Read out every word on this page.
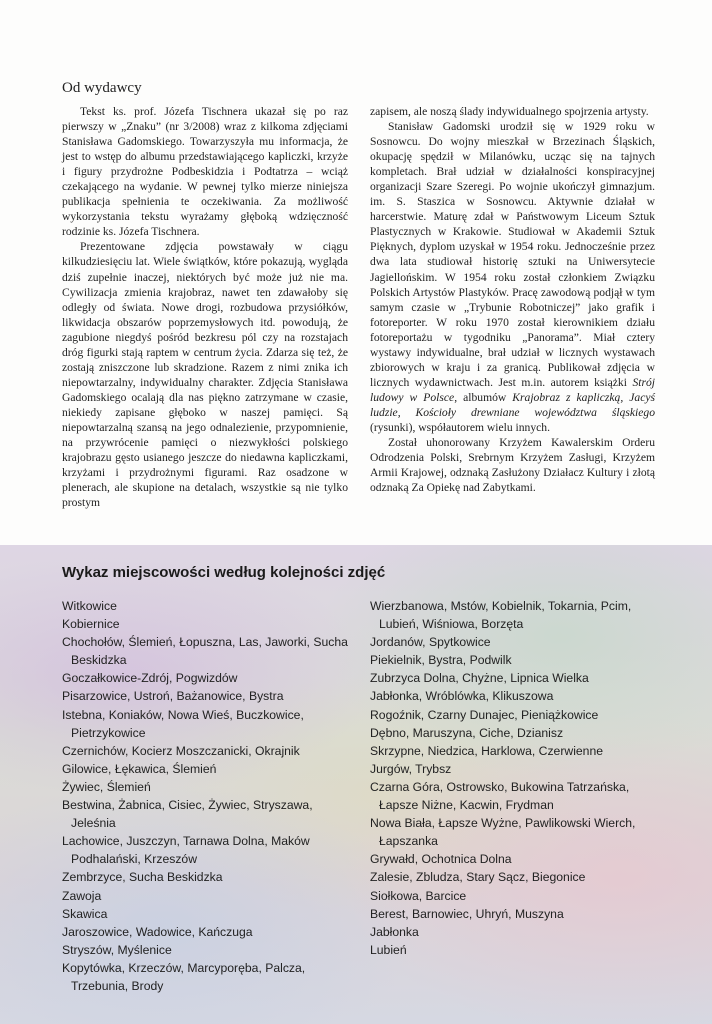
Od wydawcy

Tekst ks. prof. Józefa Tischnera ukazał się po raz pierwszy w „Znaku” (nr 3/2008) wraz z kilkoma zdjęciami Stanisława Gadomskiego. Towarzyszyła mu informacja, że jest to wstęp do albumu przedstawiającego kapliczki, krzyże i figury przydrożne Podbeskidzia i Podtatrza – wciąż czekającego na wydanie. W pewnej tylko mierze niniejsza publikacja spełnienia te oczekiwania. Za możliwość wykorzystania tekstu wyrażamy głęboką wdzięczność rodzinie ks. Józefa Tischnera.

Prezentowane zdjęcia powstawały w ciągu kilkudziesięciu lat. Wiele świątków, które pokazują, wygląda dziś zupełnie inaczej, niektórych być może już nie ma. Cywilizacja zmienia krajobraz, nawet ten zdawałoby się odległy od świata. Nowe drogi, rozbudowa przysiółków, likwidacja obszarów poprzemysłowych itd. powodują, że zagubione niegdyś pośród bezkresu pól czy na rozstajach dróg figurki stają raptem w centrum życia. Zdarza się też, że zostają zniszczone lub skradzione. Razem z nimi znika ich niepowtarzalny, indywidualny charakter. Zdjęcia Stanisława Gadomskiego ocalają dla nas piękno zatrzymane w czasie, niekiedy zapisane głęboko w naszej pamięci. Są niepowtarzalną szansą na jego odnalezienie, przypomnienie, na przywrócenie pamięci o niezwykłości polskiego krajobrazu gęsto usianego jeszcze do niedawna kapliczkami, krzyżami i przydrożnymi figurami. Raz osadzone w plenerach, ale skupione na detalach, wszystkie są nie tylko prostym

zapisem, ale noszą ślady indywidualnego spojrzenia artysty.

Stanisław Gadomski urodził się w 1929 roku w Sosnowcu. Do wojny mieszkał w Brzezinach Śląskich, okupację spędził w Milanówku, ucząc się na tajnych kompletach. Brał udział w działalności konspiracyjnej organizacji Szare Szeregi. Po wojnie ukończył gimnazjum. im. S. Staszica w Sosnowcu. Aktywnie działał w harcerstwie. Maturę zdał w Państwowym Liceum Sztuk Plastycznych w Krakowie. Studiował w Akademii Sztuk Pięknych, dyplom uzyskał w 1954 roku. Jednocześnie przez dwa lata studiował historię sztuki na Uniwersytecie Jagiellońskim. W 1954 roku został członkiem Związku Polskich Artystów Plastyków. Pracę zawodową podjął w tym samym czasie w „Trybunie Robotniczej” jako grafik i fotoreporter. W roku 1970 został kierownikiem działu fotoreportażu w tygodniku „Panorama”. Miał cztery wystawy indywidualne, brał udział w licznych wystawach zbiorowych w kraju i za granicą. Publikował zdjęcia w licznych wydawnictwach. Jest m.in. autorem książki Strój ludowy w Polsce, albumów Krajobraz z kapliczką, Jacyś ludzie, Kościoły drewniane województwa śląskiego (rysunki), współautorem wielu innych.

Został uhonorowany Krzyżem Kawalerskim Orderu Odrodzenia Polski, Srebrnym Krzyżem Zasługi, Krzyżem Armii Krajowej, odznaką Zasłużony Działacz Kultury i złotą odznaką Za Opiekę nad Zabytkami.

Wykaz miejscowości według kolejności zdjęć
Witkowice
Kobiernice
Chochołów, Ślemień, Łopuszna, Las, Jaworki, Sucha Beskidzka
Goczałkowice-Zdrój, Pogwizdów
Pisarzowice, Ustroń, Bażanowice, Bystra
Istebna, Koniaków, Nowa Wieś, Buczkowice, Pietrzykowice
Czernichów, Kocierz Moszczanicki, Okrajnik
Gilowice, Łękawica, Ślemień
Żywiec, Ślemień
Bestwina, Żabnica, Cisiec, Żywiec, Stryszawa, Jeleśnia
Lachowice, Juszczyn, Tarnawa Dolna, Maków Podhalański, Krzeszów
Zembrzyce, Sucha Beskidzka
Zawoja
Skawica
Jaroszowice, Wadowice, Kańczuga
Stryszów, Myślenice
Kopytówka, Krzeczów, Marcyporęba, Palcza, Trzebunia, Brody
Wierzbanowa, Mstów, Kobielnik, Tokarnia, Pcim, Lubień, Wiśniowa, Borzęta
Jordanów, Spytkowice
Piekielnik, Bystra, Podwilk
Zubrzyca Dolna, Chyżne, Lipnica Wielka
Jabłonka, Wróblówka, Klikuszowa
Rogoźnik, Czarny Dunajec, Pieniążkowice
Dębno, Maruszyna, Ciche, Dzianisz
Skrzypne, Niedzica, Harklowa, Czerwienne
Jurgów, Trybsz
Czarna Góra, Ostrowsko, Bukowina Tatrzańska, Łapsze Niżne, Kacwin, Frydman
Nowa Biała, Łapsze Wyżne, Pawlikowski Wierch, Łapszanka
Grywałd, Ochotnica Dolna
Zalesie, Zbludza, Stary Sącz, Biegonice
Siołkowa, Barcice
Berest, Barnowiec, Uhryń, Muszyna
Jabłonka
Lubień
